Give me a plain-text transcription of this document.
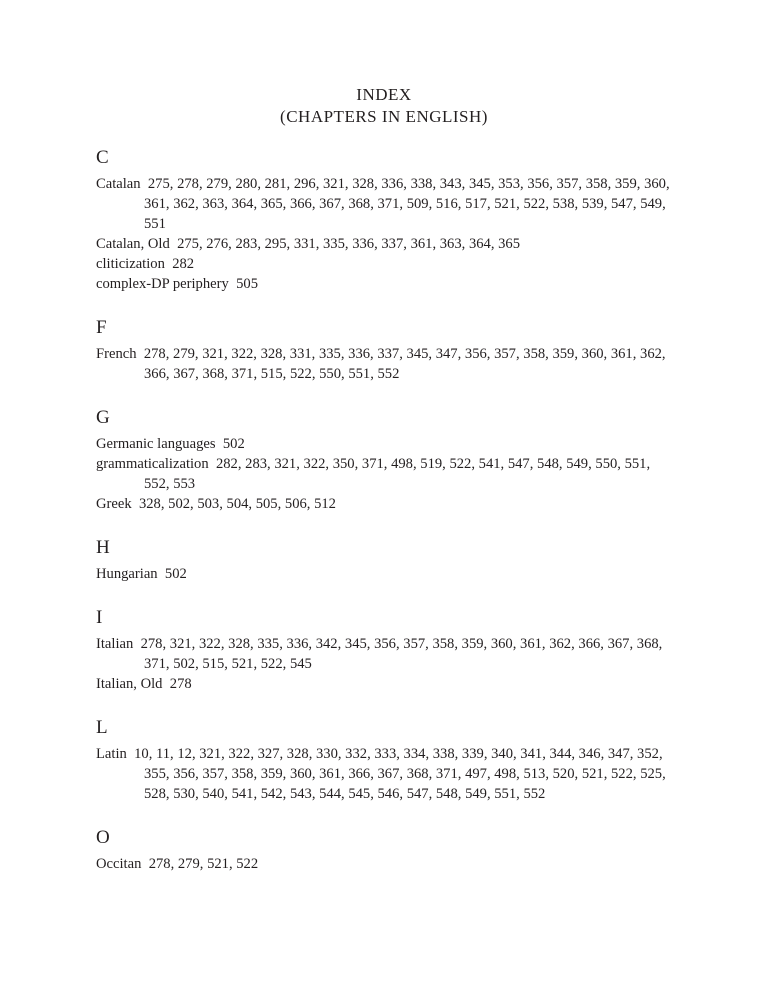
INDEX
(CHAPTERS IN ENGLISH)
C
Catalan 275, 278, 279, 280, 281, 296, 321, 328, 336, 338, 343, 345, 353, 356, 357, 358, 359, 360, 361, 362, 363, 364, 365, 366, 367, 368, 371, 509, 516, 517, 521, 522, 538, 539, 547, 549, 551
Catalan, Old 275, 276, 283, 295, 331, 335, 336, 337, 361, 363, 364, 365
cliticization 282
complex-DP periphery 505
F
French 278, 279, 321, 322, 328, 331, 335, 336, 337, 345, 347, 356, 357, 358, 359, 360, 361, 362, 366, 367, 368, 371, 515, 522, 550, 551, 552
G
Germanic languages 502
grammaticalization 282, 283, 321, 322, 350, 371, 498, 519, 522, 541, 547, 548, 549, 550, 551, 552, 553
Greek 328, 502, 503, 504, 505, 506, 512
H
Hungarian 502
I
Italian 278, 321, 322, 328, 335, 336, 342, 345, 356, 357, 358, 359, 360, 361, 362, 366, 367, 368, 371, 502, 515, 521, 522, 545
Italian, Old 278
L
Latin 10, 11, 12, 321, 322, 327, 328, 330, 332, 333, 334, 338, 339, 340, 341, 344, 346, 347, 352, 355, 356, 357, 358, 359, 360, 361, 366, 367, 368, 371, 497, 498, 513, 520, 521, 522, 525, 528, 530, 540, 541, 542, 543, 544, 545, 546, 547, 548, 549, 551, 552
O
Occitan 278, 279, 521, 522
